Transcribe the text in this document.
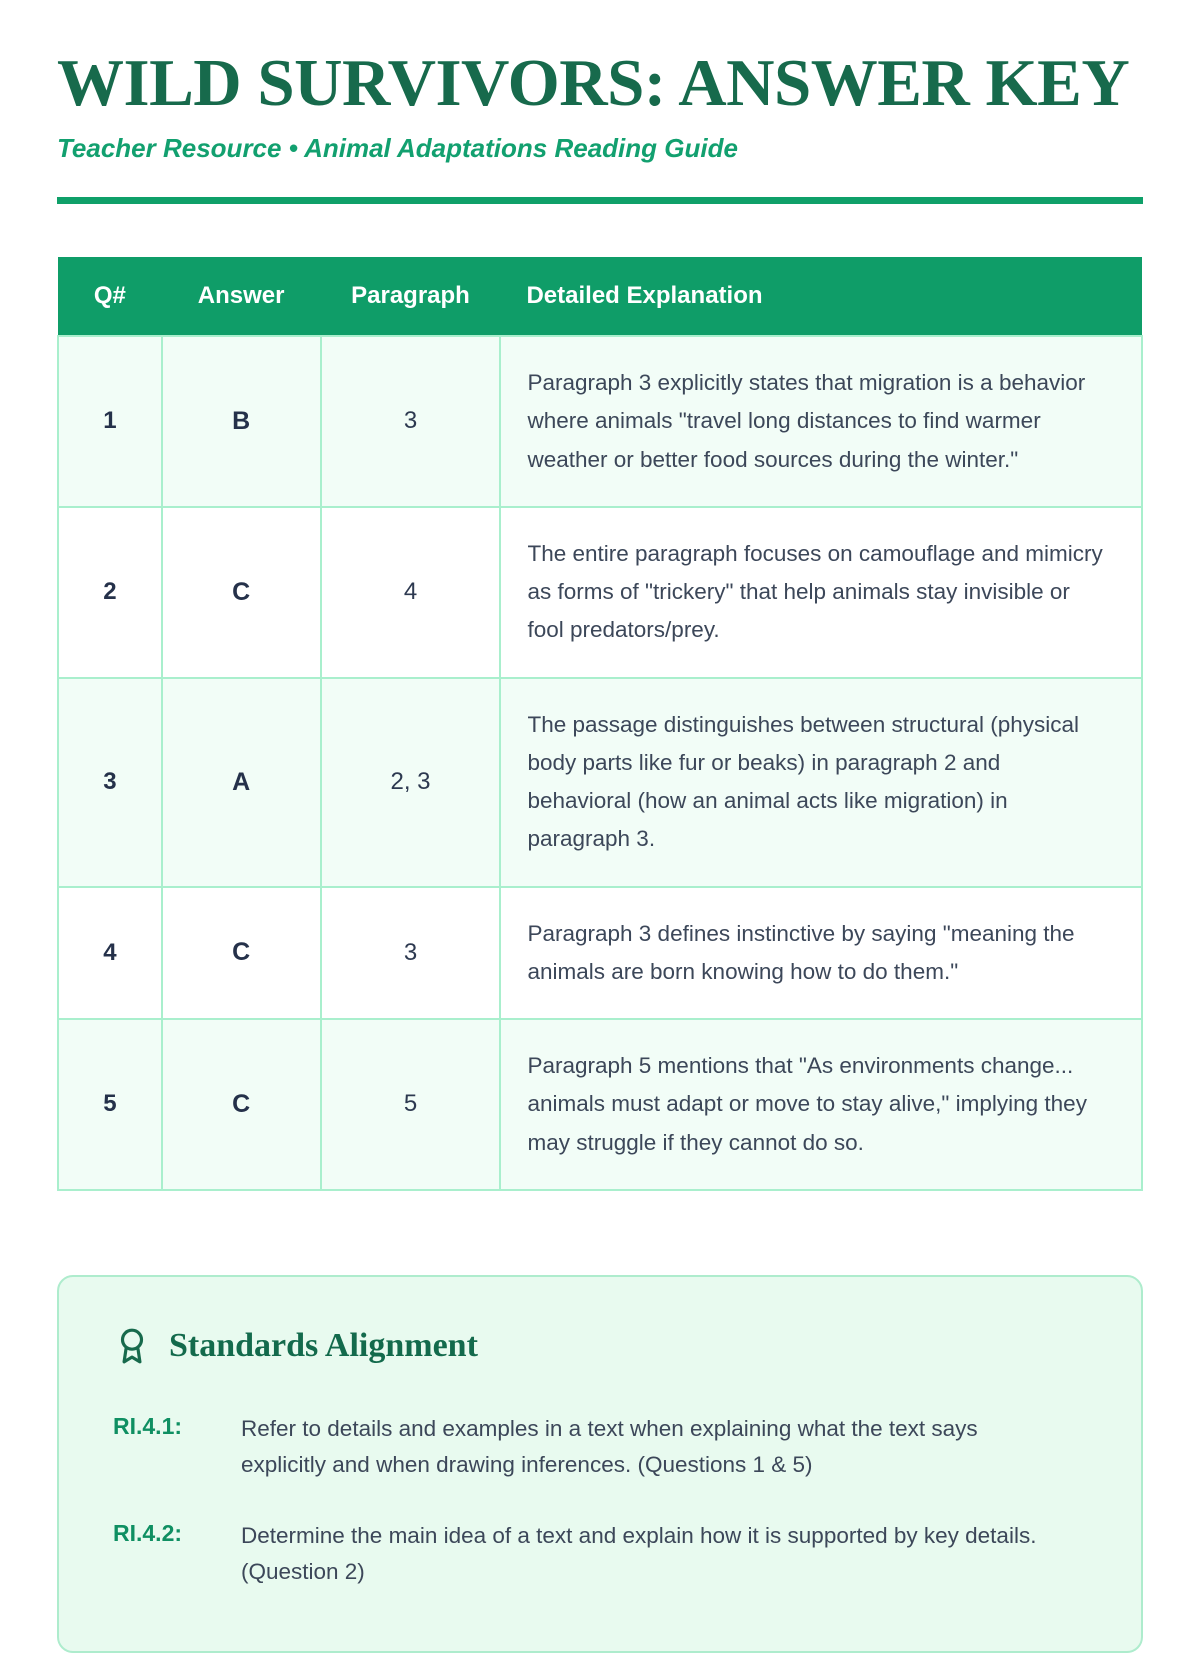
WILD SURVIVORS: ANSWER KEY
Teacher Resource • Animal Adaptations Reading Guide
Q#	Answer	Paragraph	Detailed Explanation
1	B	3	Paragraph 3 explicitly states that migration is a behavior where animals "travel long distances to find warmer weather or better food sources during the winter."
2	C	4	The entire paragraph focuses on camouflage and mimicry as forms of "trickery" that help animals stay invisible or fool predators/prey.
3	A	2, 3	The passage distinguishes between structural (physical body parts like fur or beaks) in paragraph 2 and behavioral (how an animal acts like migration) in paragraph 3.
4	C	3	Paragraph 3 defines instinctive by saying "meaning the animals are born knowing how to do them."
5	C	5	Paragraph 5 mentions that "As environments change... animals must adapt or move to stay alive," implying they may struggle if they cannot do so.
Standards Alignment
RI.4.1:	Refer to details and examples in a text when explaining what the text says explicitly and when drawing inferences. (Questions 1 & 5)
RI.4.2:	Determine the main idea of a text and explain how it is supported by key details. (Question 2)
